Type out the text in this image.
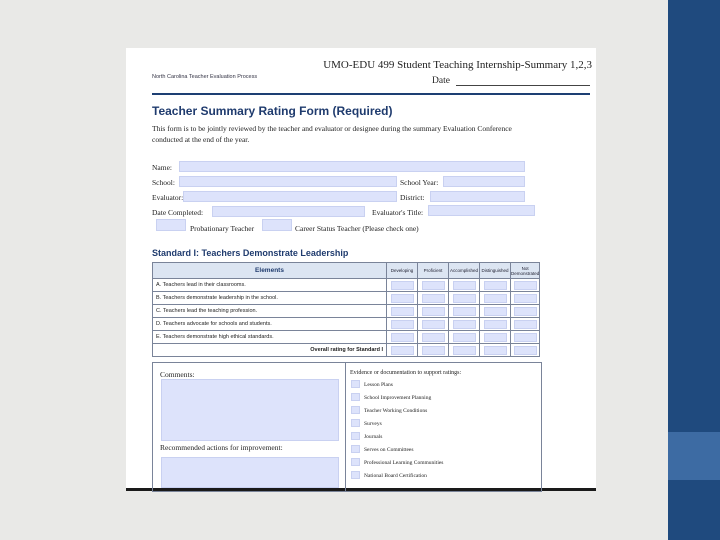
UMO-EDU 499 Student Teaching Internship-Summary 1,2,3
North Carolina Teacher Evaluation Process	Date
Teacher Summary Rating Form (Required)
This form is to be jointly reviewed by the teacher and evaluator or designee during the summary Evaluation Conference conducted at the end of the year.
Name:
School:	School Year:
Evaluator:	District:
Date Completed:	Evaluator's Title:
Probationary Teacher	Career Status Teacher (Please check one)
Standard I: Teachers Demonstrate Leadership
Elements	Developing	Proficient	Accomplished	Distinguished	Not Demonstrated
A. Teachers lead in their classrooms.	

B. Teachers demonstrate leadership in the school.	

C. Teachers lead the teaching profession.	

D. Teachers advocate for schools and students.	

E. Teachers demonstrate high ethical standards.	

Overall rating for Standard I	

Comments:
Recommended actions for improvement:
Evidence or documentation to support ratings:
Lesson Plans
School Improvement Planning
Teacher Working Conditions
Surveys
Journals
Serves on Committees
Professional Learning Communities
National Board Certification
